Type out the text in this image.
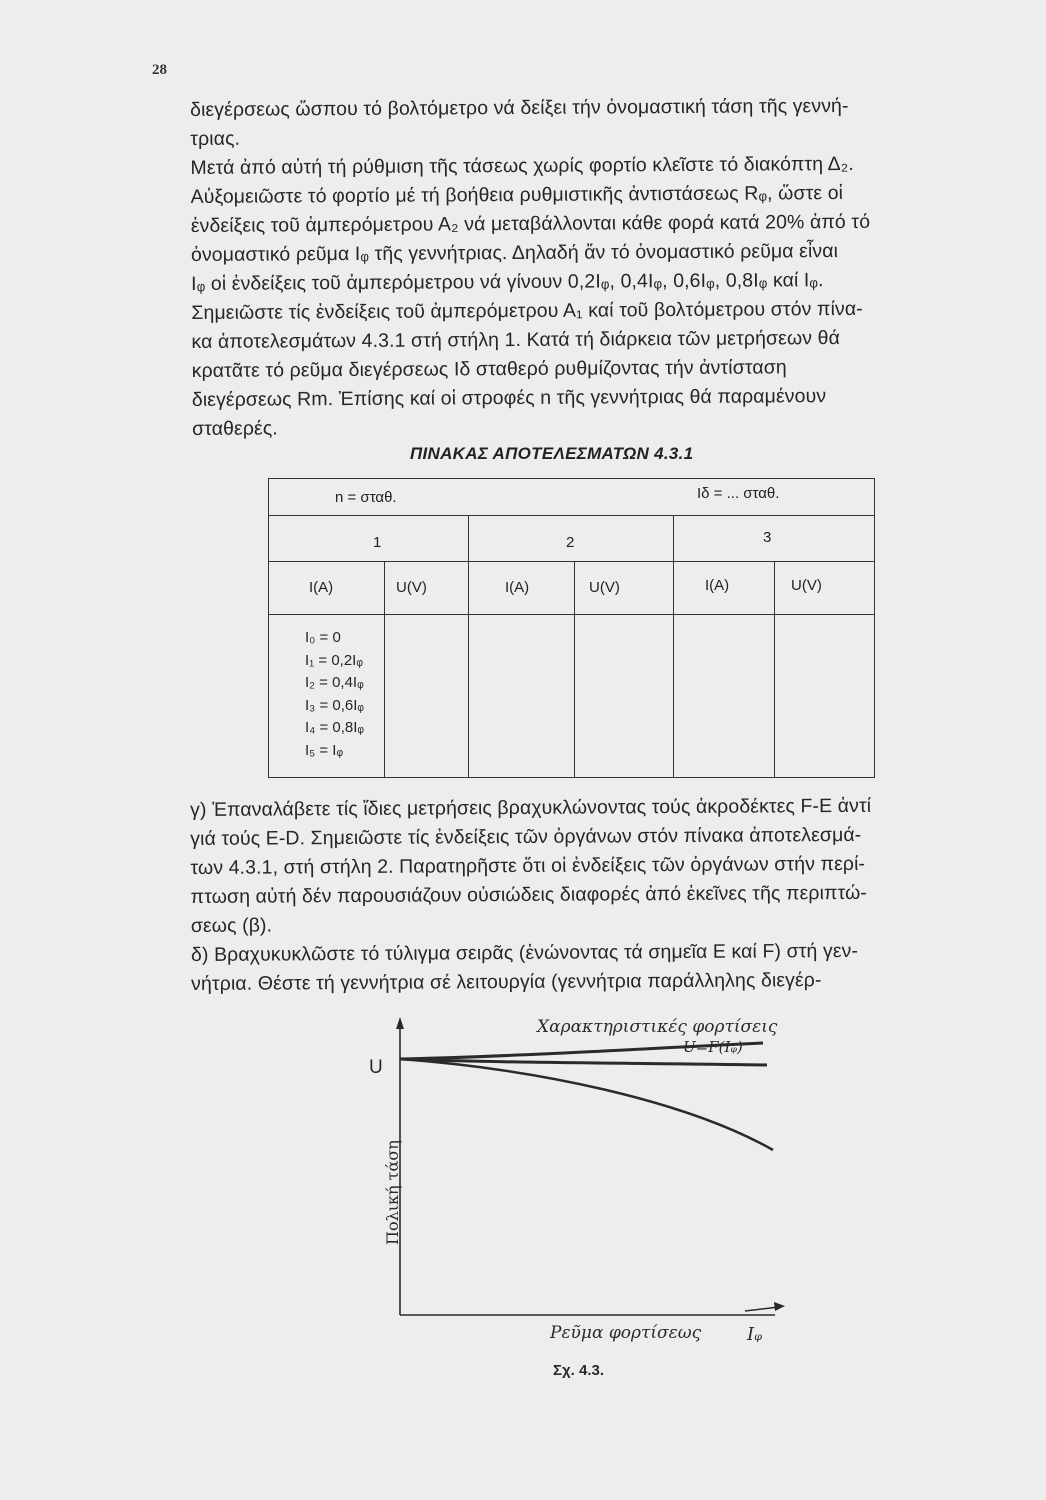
28
διεγέρσεως ὥσπου τό βολτόμετρο νά δείξει τήν ὀνομαστική τάση τῆς γεννή-
τριας.
Μετά ἀπό αὐτή τή ρύθμιση τῆς τάσεως χωρίς φορτίο κλεῖστε τό διακόπτη Δ₂.
Αὐξομειῶστε τό φορτίο μέ τή βοήθεια ρυθμιστικῆς ἀντιστάσεως Rᵩ, ὥστε οἱ
ἐνδείξεις τοῦ ἀμπερόμετρου Α₂ νά μεταβάλλονται κάθε φορά κατά 20% ἀπό τό
ὀνομαστικό ρεῦμα Iᵩ τῆς γεννήτριας. Δηλαδή ἄν τό ὀνομαστικό ρεῦμα εἶναι
Iᵩ οἱ ἐνδείξεις τοῦ ἀμπερόμετρου νά γίνουν 0,2Iᵩ, 0,4Iᵩ, 0,6Iᵩ, 0,8Iᵩ καί Iᵩ.
Σημειῶστε τίς ἐνδείξεις τοῦ ἀμπερόμετρου Α₁ καί τοῦ βολτόμετρου στόν πίνα-
κα ἀποτελεσμάτων 4.3.1 στή στήλη 1. Κατά τή διάρκεια τῶν μετρήσεων θά
κρατᾶτε τό ρεῦμα διεγέρσεως Iδ σταθερό ρυθμίζοντας τήν ἀντίσταση
διεγέρσεως Rm. Ἐπίσης καί οἱ στροφές n τῆς γεννήτριας θά παραμένουν
σταθερές.
ΠΙΝΑΚΑΣ ΑΠΟΤΕΛΕΣΜΑΤΩΝ 4.3.1
n = σταθ.	Iδ = ... σταθ.
1	2	3
I(A)	U(V)	I(A)	U(V)	I(A)	U(V)
I₀ = 0
I₁ = 0,2Iᵩ
I₂ = 0,4Iᵩ
I₃ = 0,6Iᵩ
I₄ = 0,8Iᵩ
I₅ = Iᵩ
γ) Ἐπαναλάβετε τίς ἴδιες μετρήσεις βραχυκλώνοντας τούς ἀκροδέκτες F-E ἀντί
γιά τούς E-D. Σημειῶστε τίς ἐνδείξεις τῶν ὀργάνων στόν πίνακα ἀποτελεσμά-
των 4.3.1, στή στήλη 2. Παρατηρῆστε ὅτι οἱ ἐνδείξεις τῶν ὀργάνων στήν περί-
πτωση αὐτή δέν παρουσιάζουν οὐσιώδεις διαφορές ἀπό ἐκεῖνες τῆς περιπτώ-
σεως (β).
δ) Βραχυκυκλῶστε τό τύλιγμα σειρᾶς (ἑνώνοντας τά σημεῖα E καί F) στή γεν-
νήτρια. Θέστε τή γεννήτρια σέ λειτουργία (γεννήτρια παράλληλης διεγέρ-
Χαρακτηριστικές φορτίσεις
U=F(Iᵩ)
U
Πολική τάση
Ρεῦμα φορτίσεως	Iᵩ
Σχ. 4.3.
